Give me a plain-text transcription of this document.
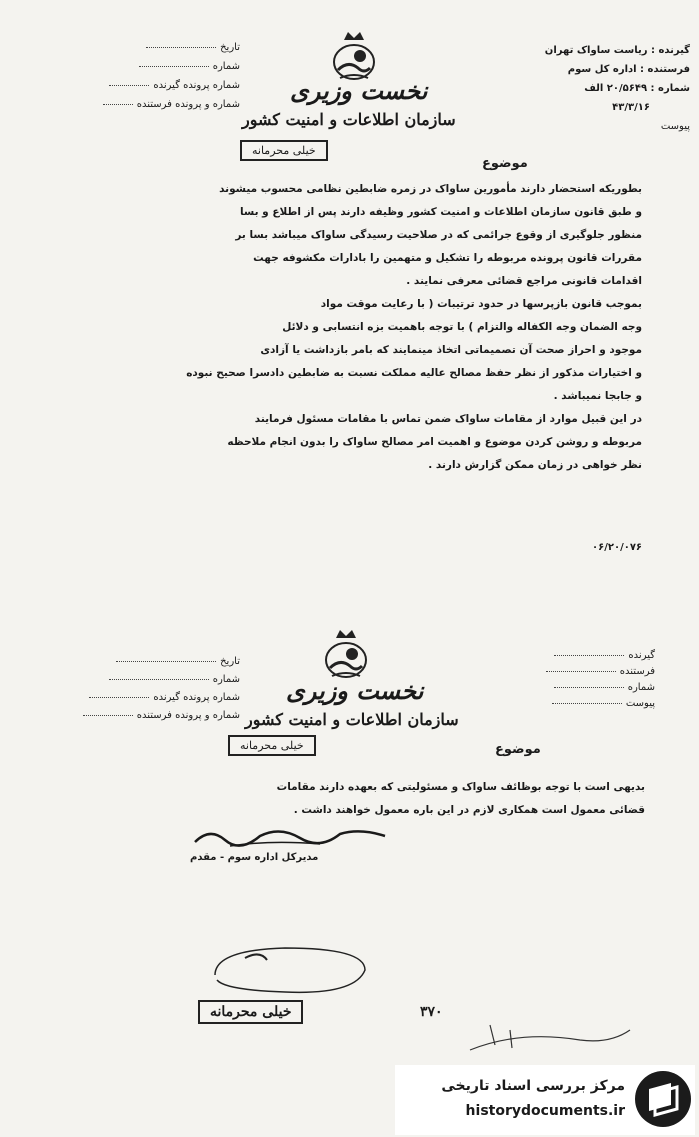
نخست وزیری
سازمان اطلاعات و امنیت کشور
تاریخ
شماره
شماره پرونده گیرنده
شماره و پرونده فرستنده
گیرنده : ریاست ساواک تهران
فرستنده : اداره کل سوم
شماره : ۲۰/۵۶۴۹ الف
۴۳/۳/۱۶
پیوست
خیلی محرمانه
موضوع

بطوریکه استحضار دارند مأمورین ساواک در زمره ضابطین نظامی محسوب میشوند

و طبق قانون سازمان اطلاعات و امنیت کشور وظیفه دارند پس از اطلاع و بسا

منظور جلوگیری از وقوع جرائمی که در صلاحیت رسیدگی ساواک میباشد بسا بر

مقررات قانون پرونده مربوطه را تشکیل و متهمین را بادارات مکشوفه جهت

اقدامات قانونی مراجع قضائی معرفی نمایند .

بموجب قانون بازپرسها در حدود ترتیبات ( با رعایت موقت مواد

وجه الضمان وجه الکفاله والتزام ) با توجه باهمیت بزه انتسابی و دلائل

موجود و احراز صحت آن تصمیماتی اتخاذ مینمایند که بامر بازداشت یا آزادی

و اختیارات مذکور از نظر حفظ مصالح عالیه مملکت نسبت به ضابطین دادسرا صحیح نبوده

و جابجا نمیباشد .

در این قبیل موارد از مقامات ساواک ضمن تماس با مقامات مسئول فرمایند

مربوطه و روشن کردن موضوع و اهمیت امر مصالح ساواک را بدون انجام ملاحظه

نظر خواهی در زمان ممکن گزارش دارند .

۰۶/۲۰/۰۷۶
نخست وزیری
سازمان اطلاعات و امنیت کشور
تاریخ
شماره
شماره پرونده گیرنده
شماره و پرونده فرستنده
گیرنده
فرستنده
شماره
پیوست
خیلی محرمانه	موضوع

بدیهی است با توجه بوظائف ساواک و مسئولیتی که بعهده دارند مقامات

قضائی معمول است همکاری لازم در این باره معمول خواهند داشت .

مدیرکل اداره سوم - مقدم
خیلی محرمانه	۳۷۰
مرکز بررسی اسناد تاریخی
historydocuments.ir
